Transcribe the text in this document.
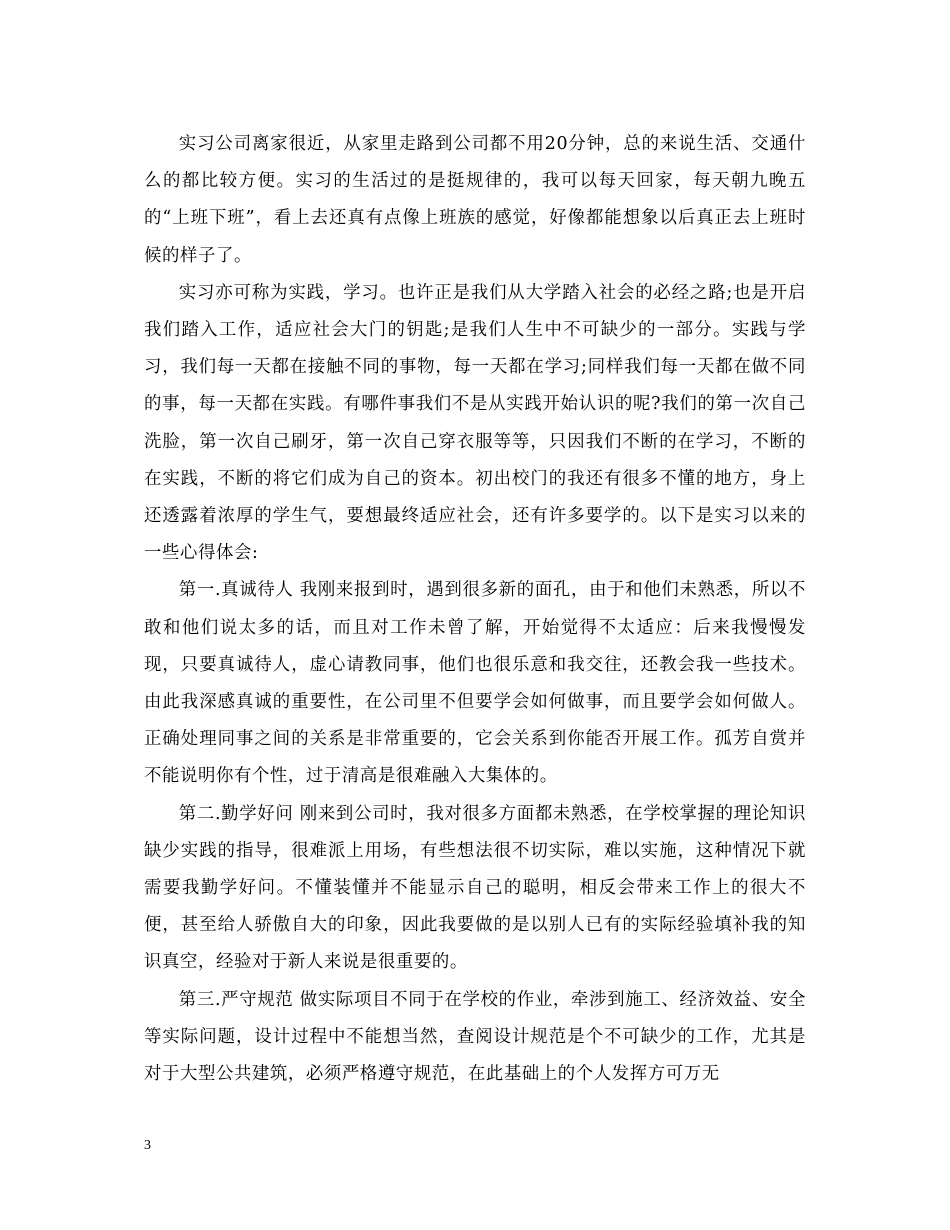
实习公司离家很近，从家里走路到公司都不用20分钟，总的来说生活、交通什么的都比较方便。实习的生活过的是挺规律的，我可以每天回家，每天朝九晚五的“上班下班”，看上去还真有点像上班族的感觉，好像都能想象以后真正去上班时候的样子了。

实习亦可称为实践，学习。也许正是我们从大学踏入社会的必经之路;也是开启我们踏入工作，适应社会大门的钥匙;是我们人生中不可缺少的一部分。实践与学习，我们每一天都在接触不同的事物，每一天都在学习;同样我们每一天都在做不同的事，每一天都在实践。有哪件事我们不是从实践开始认识的呢?我们的第一次自己洗脸，第一次自己刷牙，第一次自己穿衣服等等，只因我们不断的在学习，不断的在实践，不断的将它们成为自己的资本。初出校门的我还有很多不懂的地方，身上还透露着浓厚的学生气，要想最终适应社会，还有许多要学的。以下是实习以来的一些心得体会:

第一.真诚待人 我刚来报到时，遇到很多新的面孔，由于和他们未熟悉，所以不敢和他们说太多的话，而且对工作未曾了解，开始觉得不太适应：后来我慢慢发现，只要真诚待人，虚心请教同事，他们也很乐意和我交往，还教会我一些技术。由此我深感真诚的重要性，在公司里不但要学会如何做事，而且要学会如何做人。正确处理同事之间的关系是非常重要的，它会关系到你能否开展工作。孤芳自赏并不能说明你有个性，过于清高是很难融入大集体的。

第二.勤学好问 刚来到公司时，我对很多方面都未熟悉，在学校掌握的理论知识缺少实践的指导，很难派上用场，有些想法很不切实际，难以实施，这种情况下就需要我勤学好问。不懂装懂并不能显示自己的聪明，相反会带来工作上的很大不便，甚至给人骄傲自大的印象，因此我要做的是以别人已有的实际经验填补我的知识真空，经验对于新人来说是很重要的。

第三.严守规范 做实际项目不同于在学校的作业，牵涉到施工、经济效益、安全等实际问题，设计过程中不能想当然，查阅设计规范是个不可缺少的工作，尤其是对于大型公共建筑，必须严格遵守规范，在此基础上的个人发挥方可万无

3
